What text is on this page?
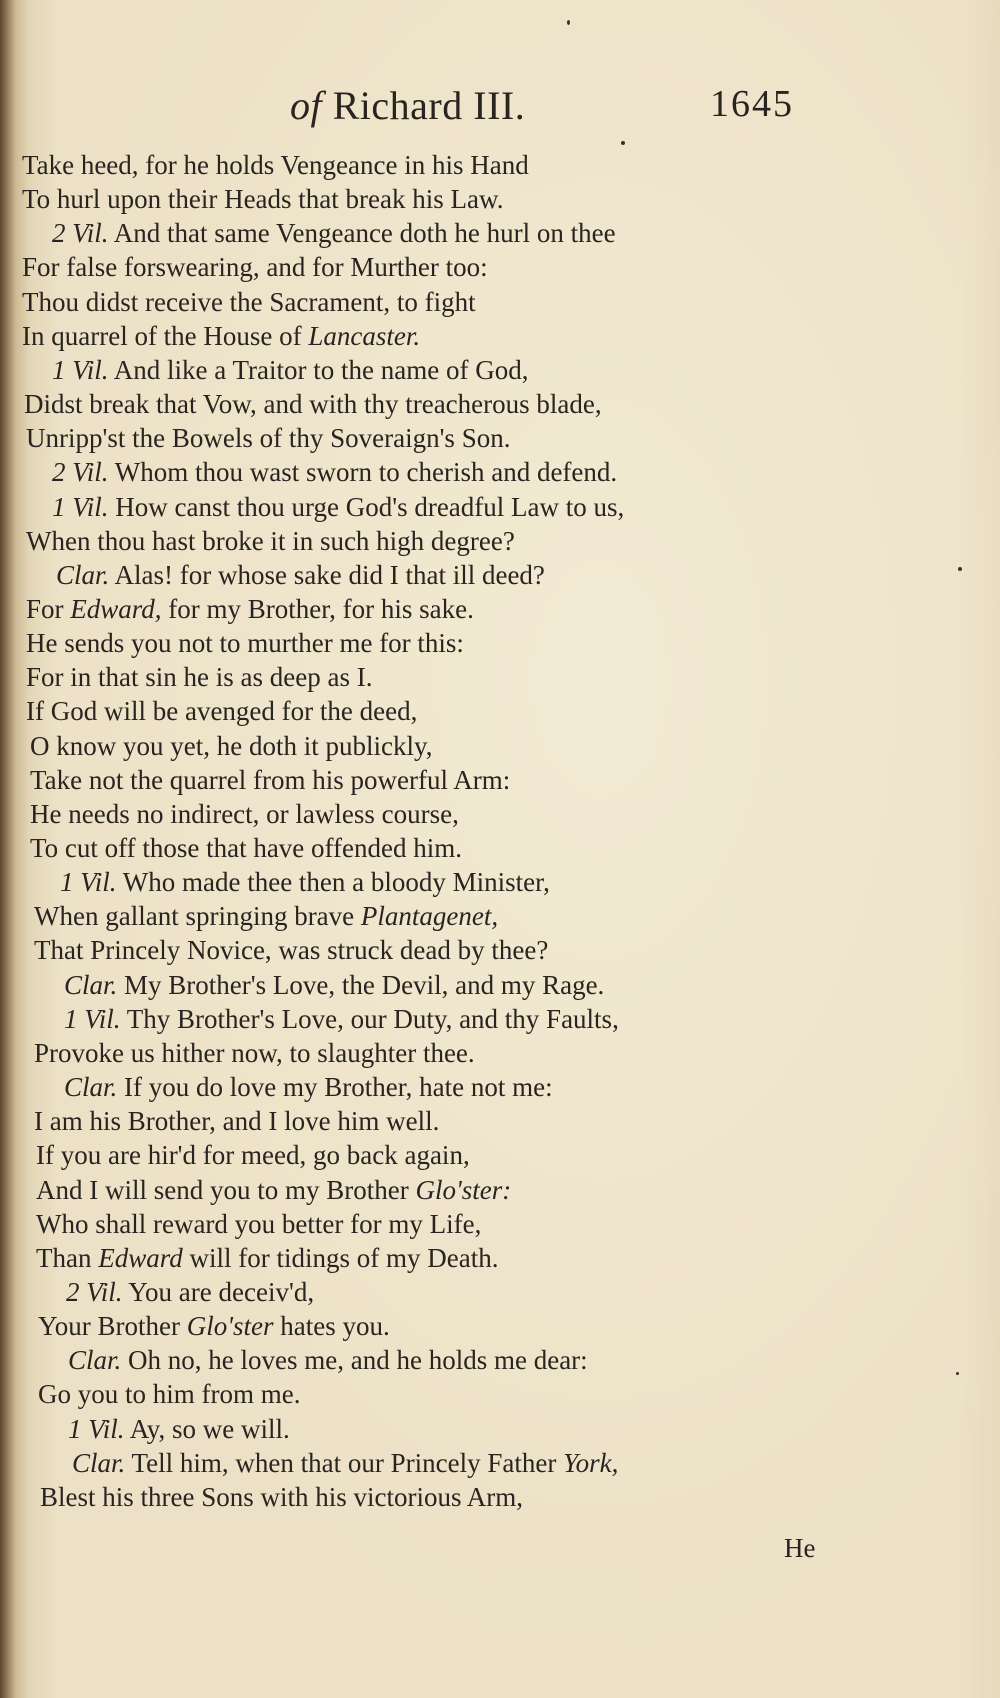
of Richard III.	1645
Take heed, for he holds Vengeance in his Hand
To hurl upon their Heads that break his Law.
2 Vil. And that same Vengeance doth he hurl on thee
For false forswearing, and for Murther too:
Thou didst receive the Sacrament, to fight
In quarrel of the House of Lancaster.
1 Vil. And like a Traitor to the name of God,
Didst break that Vow, and with thy treacherous blade,
Unripp'st the Bowels of thy Soveraign's Son.
2 Vil. Whom thou wast sworn to cherish and defend.
1 Vil. How canst thou urge God's dreadful Law to us,
When thou hast broke it in such high degree?
Clar. Alas! for whose sake did I that ill deed?
For Edward, for my Brother, for his sake.
He sends you not to murther me for this:
For in that sin he is as deep as I.
If God will be avenged for the deed,
O know you yet, he doth it publickly,
Take not the quarrel from his powerful Arm:
He needs no indirect, or lawless course,
To cut off those that have offended him.
1 Vil. Who made thee then a bloody Minister,
When gallant springing brave Plantagenet,
That Princely Novice, was struck dead by thee?
Clar. My Brother's Love, the Devil, and my Rage.
1 Vil. Thy Brother's Love, our Duty, and thy Faults,
Provoke us hither now, to slaughter thee.
Clar. If you do love my Brother, hate not me:
I am his Brother, and I love him well.
If you are hir'd for meed, go back again,
And I will send you to my Brother Glo'ster:
Who shall reward you better for my Life,
Than Edward will for tidings of my Death.
2 Vil. You are deceiv'd,
Your Brother Glo'ster hates you.
Clar. Oh no, he loves me, and he holds me dear:
Go you to him from me.
1 Vil. Ay, so we will.
Clar. Tell him, when that our Princely Father York,
Blest his three Sons with his victorious Arm,
He
